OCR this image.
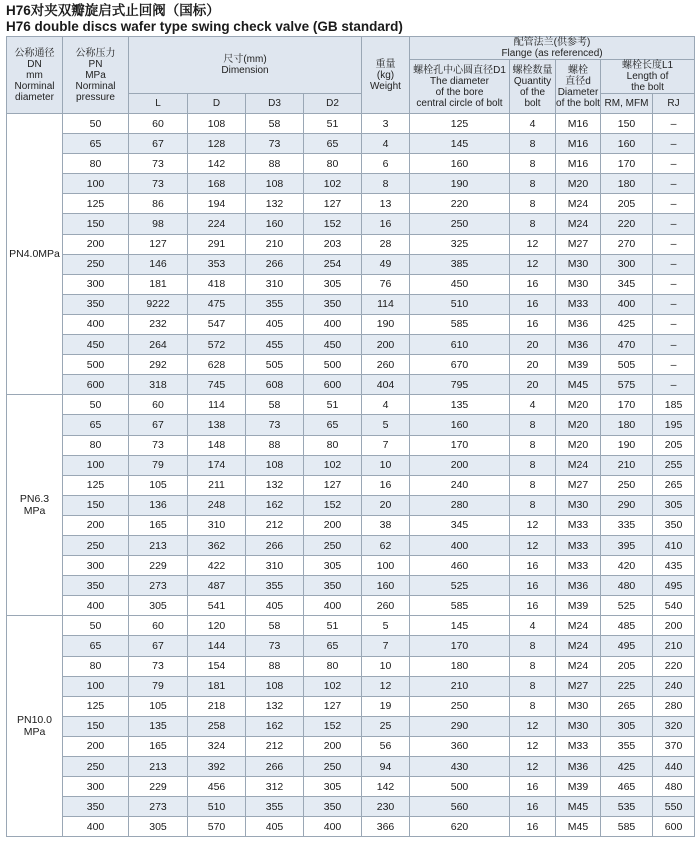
H76对夹双瓣旋启式止回阀（国标）
H76 double discs wafer type swing check valve (GB standard)
公称通径
DN
mm
Norminal
diameter	公称压力
PN
MPa
Norminal
pressure	尺寸(mm)
Dimension				重量
(kg)
Weight	配管法兰(供参考)
Flange (as referenced)				
							螺栓孔中心圆直径D1
The diameter
of the bore
central circle of bolt	螺栓数量
Quantity
of the
bolt	螺栓
直径d
Diameter
of the bolt	螺栓长度L1
Length of
the bolt	
		L	D	D3	D2					RM, MFM	RJ
PN4.0MPa	50	60	108	58	51	3	125	4	M16	150	–
	65	67	128	73	65	4	145	8	M16	160	–
	80	73	142	88	80	6	160	8	M16	170	–
	100	73	168	108	102	8	190	8	M20	180	–
	125	86	194	132	127	13	220	8	M24	205	–
	150	98	224	160	152	16	250	8	M24	220	–
	200	127	291	210	203	28	325	12	M27	270	–
	250	146	353	266	254	49	385	12	M30	300	–
	300	181	418	310	305	76	450	16	M30	345	–
	350	9222	475	355	350	114	510	16	M33	400	–
	400	232	547	405	400	190	585	16	M36	425	–
	450	264	572	455	450	200	610	20	M36	470	–
	500	292	628	505	500	260	670	20	M39	505	–
	600	318	745	608	600	404	795	20	M45	575	–
PN6.3
MPa	50	60	114	58	51	4	135	4	M20	170	185
	65	67	138	73	65	5	160	8	M20	180	195
	80	73	148	88	80	7	170	8	M20	190	205
	100	79	174	108	102	10	200	8	M24	210	255
	125	105	211	132	127	16	240	8	M27	250	265
	150	136	248	162	152	20	280	8	M30	290	305
	200	165	310	212	200	38	345	12	M33	335	350
	250	213	362	266	250	62	400	12	M33	395	410
	300	229	422	310	305	100	460	16	M33	420	435
	350	273	487	355	350	160	525	16	M36	480	495
	400	305	541	405	400	260	585	16	M39	525	540
PN10.0
MPa	50	60	120	58	51	5	145	4	M24	485	200
	65	67	144	73	65	7	170	8	M24	495	210
	80	73	154	88	80	10	180	8	M24	205	220
	100	79	181	108	102	12	210	8	M27	225	240
	125	105	218	132	127	19	250	8	M30	265	280
	150	135	258	162	152	25	290	12	M30	305	320
	200	165	324	212	200	56	360	12	M33	355	370
	250	213	392	266	250	94	430	12	M36	425	440
	300	229	456	312	305	142	500	16	M39	465	480
	350	273	510	355	350	230	560	16	M45	535	550
	400	305	570	405	400	366	620	16	M45	585	600
